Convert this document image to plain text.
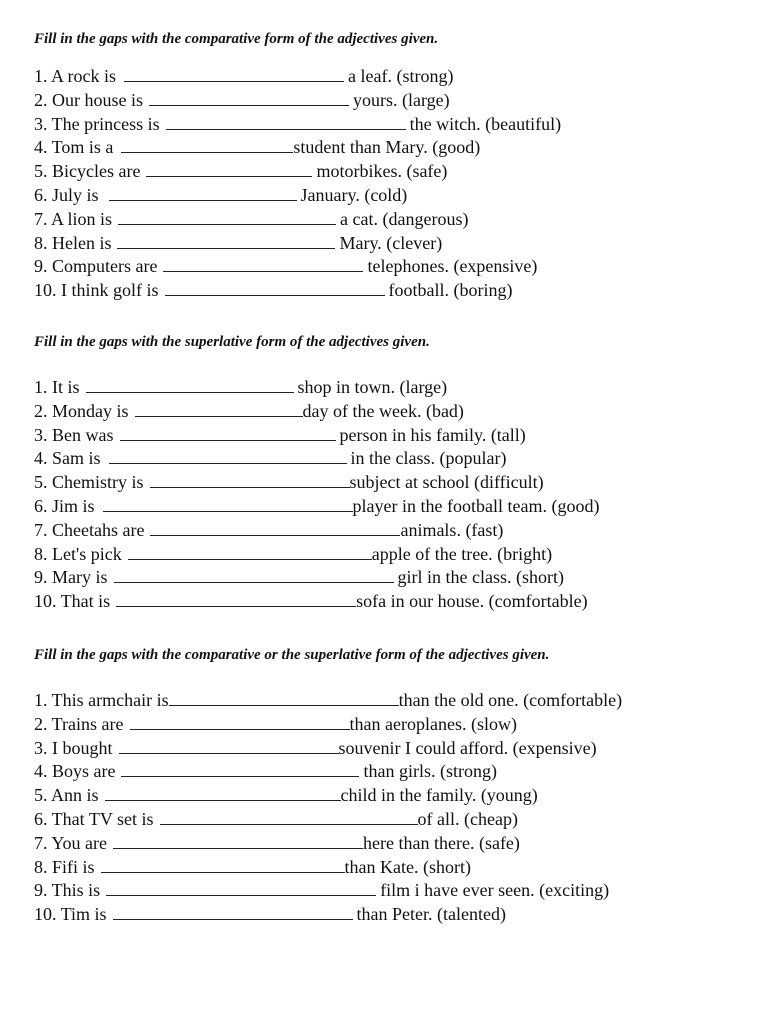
Fill in the gaps with the comparative form of the adjectives given.

1. A rock is	a leaf. (strong)
2. Our house is	yours. (large)
3. The princess is	the witch. (beautiful)
4. Tom is a	student than Mary. (good)
5. Bicycles are	motorbikes. (safe)
6. July is	January. (cold)
7. A lion is	a cat. (dangerous)
8. Helen is	Mary. (clever)
9. Computers are	telephones. (expensive)
10. I think golf is	football. (boring)

Fill in the gaps with the superlative form of the adjectives given.

1. It is	shop in town. (large)
2. Monday is	day of the week. (bad)
3. Ben was	person in his family. (tall)
4. Sam is	in the class. (popular)
5. Chemistry is	subject at school (difficult)
6. Jim is	player in the football team. (good)
7. Cheetahs are	animals. (fast)
8. Let's pick	apple of the tree. (bright)
9. Mary is	girl in the class. (short)
10. That is	sofa in our house. (comfortable)

Fill in the gaps with the comparative or the superlative form of the adjectives given.

1. This armchair is	than the old one. (comfortable)
2. Trains are	than aeroplanes. (slow)
3. I bought	souvenir I could afford. (expensive)
4. Boys are	than girls. (strong)
5. Ann is	child in the family. (young)
6. That TV set is	of all. (cheap)
7. You are	here than there. (safe)
8. Fifi is	than Kate. (short)
9. This is	film i have ever seen. (exciting)
10. Tim is	than Peter. (talented)
